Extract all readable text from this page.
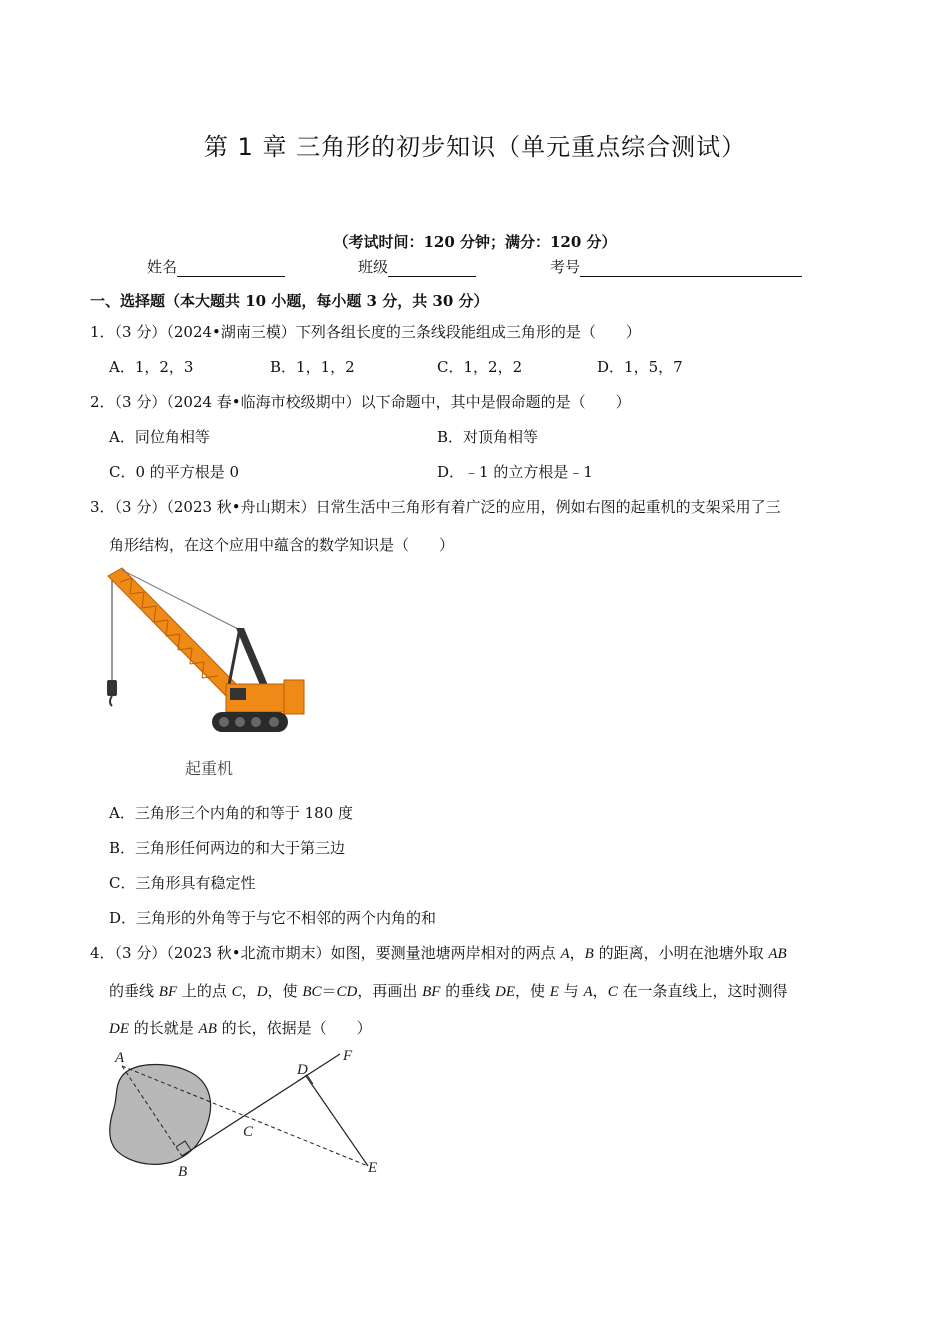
第 1 章 三角形的初步知识（单元重点综合测试）
（考试时间：120 分钟；满分：120 分）
姓名	班级	考号
一、选择题（本大题共 10 小题，每小题 3 分，共 30 分）
1．（3 分）（2024•湖南三模）下列各组长度的三条线段能组成三角形的是（　　）
A．1，2，3	B．1，1，2	C．1，2，2	D．1，5，7
2．（3 分）（2024 春•临海市校级期中）以下命题中，其中是假命题的是（　　）
A．同位角相等	B．对顶角相等
C．0 的平方根是 0	D．﹣1 的立方根是﹣1
3．（3 分）（2023 秋•舟山期末）日常生活中三角形有着广泛的应用，例如右图的起重机的支架采用了三
角形结构，在这个应用中蕴含的数学知识是（　　）
起重机
A．三角形三个内角的和等于 180 度
B．三角形任何两边的和大于第三边
C．三角形具有稳定性
D．三角形的外角等于与它不相邻的两个内角的和
4．（3 分）（2023 秋•北流市期末）如图，要测量池塘两岸相对的两点 A，B 的距离，小明在池塘外取 AB
的垂线 BF 上的点 C，D，使 BC＝CD，再画出 BF 的垂线 DE，使 E 与 A，C 在一条直线上，这时测得
DE 的长就是 AB 的长，依据是（　　）
A
B
C
D
E
F
